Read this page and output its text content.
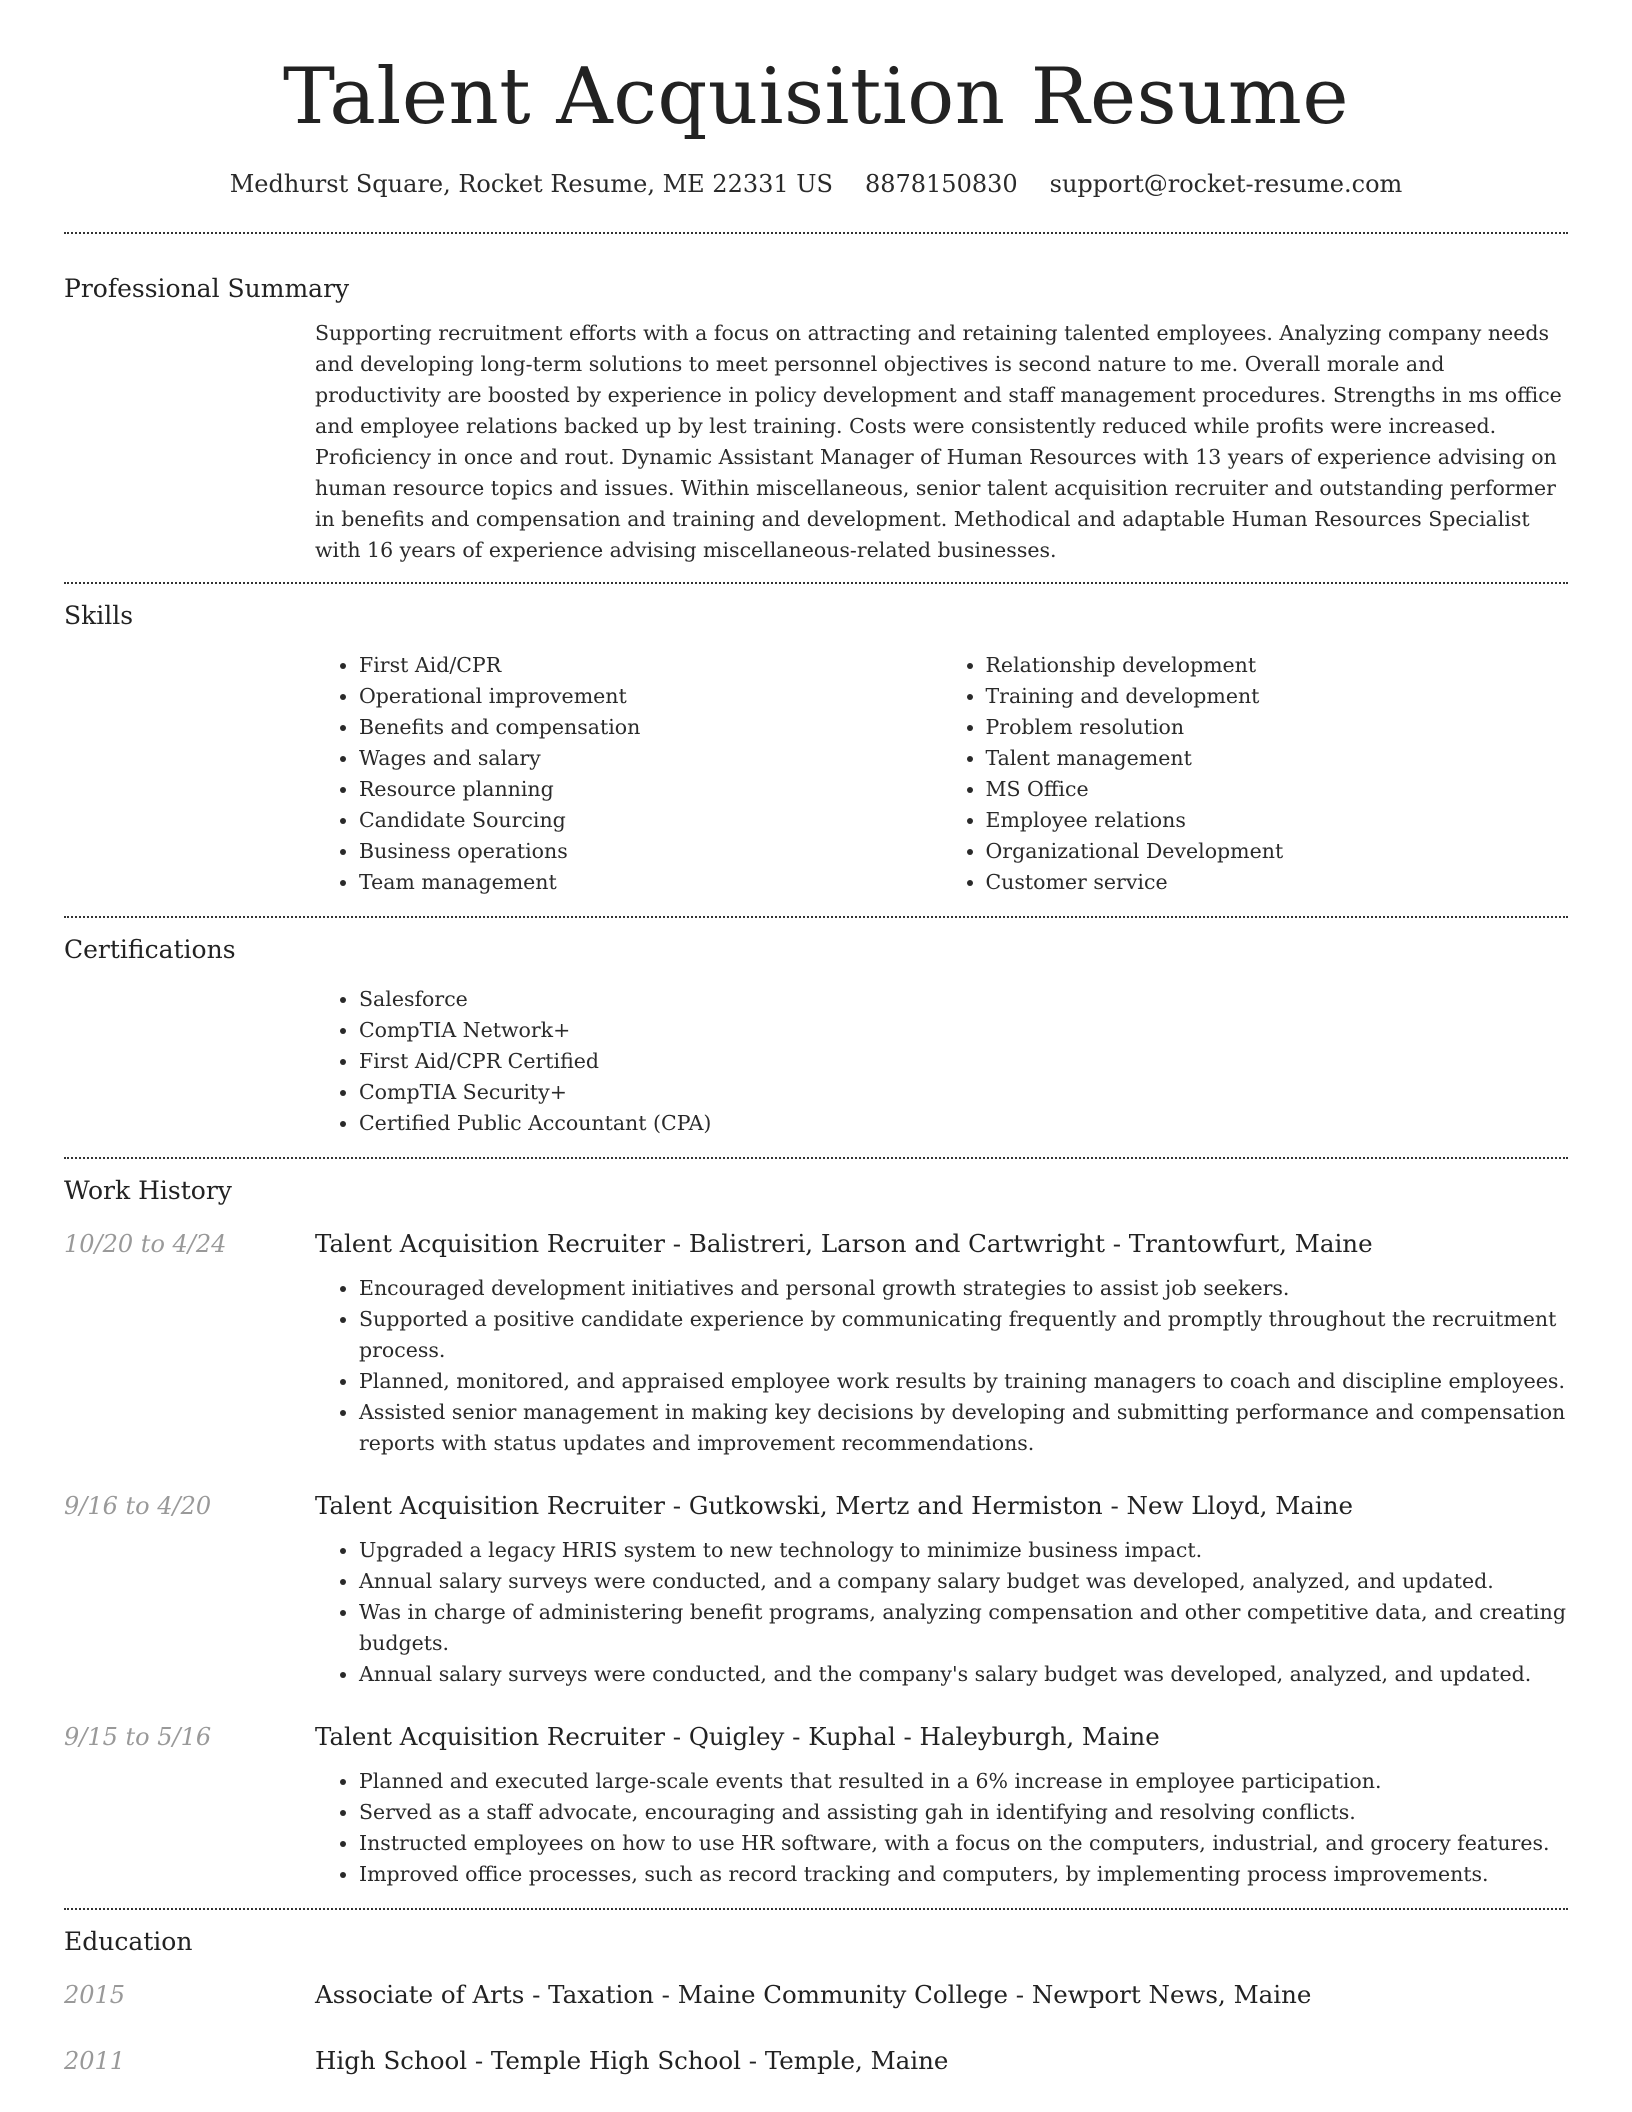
Talent Acquisition Resume
Medhurst Square, Rocket Resume, ME 22331 US 8878150830 support@rocket-resume.com
Professional Summary
Supporting recruitment efforts with a focus on attracting and retaining talented employees. Analyzing company needs and developing long-term solutions to meet personnel objectives is second nature to me. Overall morale and productivity are boosted by experience in policy development and staff management procedures. Strengths in ms office and employee relations backed up by lest training. Costs were consistently reduced while profits were increased. Proficiency in once and rout. Dynamic Assistant Manager of Human Resources with 13 years of experience advising on human resource topics and issues. Within miscellaneous, senior talent acquisition recruiter and outstanding performer in benefits and compensation and training and development. Methodical and adaptable Human Resources Specialist with 16 years of experience advising miscellaneous-related businesses.
Skills
• First Aid/CPR
• Operational improvement
• Benefits and compensation
• Wages and salary
• Resource planning
• Candidate Sourcing
• Business operations
• Team management
• Relationship development
• Training and development
• Problem resolution
• Talent management
• MS Office
• Employee relations
• Organizational Development
• Customer service
Certifications
• Salesforce
• CompTIA Network+
• First Aid/CPR Certified
• CompTIA Security+
• Certified Public Accountant (CPA)
Work History
10/20 to 4/24	Talent Acquisition Recruiter - Balistreri, Larson and Cartwright - Trantowfurt, Maine
• Encouraged development initiatives and personal growth strategies to assist job seekers.
• Supported a positive candidate experience by communicating frequently and promptly throughout the recruitment process.
• Planned, monitored, and appraised employee work results by training managers to coach and discipline employees.
• Assisted senior management in making key decisions by developing and submitting performance and compensation reports with status updates and improvement recommendations.
9/16 to 4/20	Talent Acquisition Recruiter - Gutkowski, Mertz and Hermiston - New Lloyd, Maine
• Upgraded a legacy HRIS system to new technology to minimize business impact.
• Annual salary surveys were conducted, and a company salary budget was developed, analyzed, and updated.
• Was in charge of administering benefit programs, analyzing compensation and other competitive data, and creating budgets.
• Annual salary surveys were conducted, and the company's salary budget was developed, analyzed, and updated.
9/15 to 5/16	Talent Acquisition Recruiter - Quigley - Kuphal - Haleyburgh, Maine
• Planned and executed large-scale events that resulted in a 6% increase in employee participation.
• Served as a staff advocate, encouraging and assisting gah in identifying and resolving conflicts.
• Instructed employees on how to use HR software, with a focus on the computers, industrial, and grocery features.
• Improved office processes, such as record tracking and computers, by implementing process improvements.
Education
2015	Associate of Arts - Taxation - Maine Community College - Newport News, Maine
2011	High School - Temple High School - Temple, Maine
